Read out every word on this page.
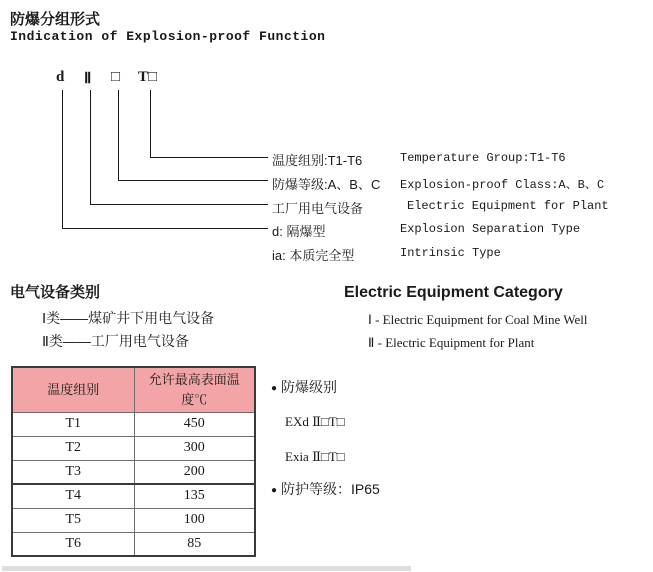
防爆分组形式
Indication of Explosion-proof Function
d Ⅱ □ T□
温度组别:T1-T6	Temperature Group:T1-T6
防爆等级:A、B、C Explosion-proof Class:A、B、C
工厂用电气设备	Electric Equipment for Plant
d: 隔爆型	Explosion Separation Type
ia: 本质完全型	Intrinsic Type
电气设备类别
Ⅰ类——煤矿井下用电气设备
Ⅱ类——工厂用电气设备
Electric Equipment Category
Ⅰ - Electric Equipment for Coal Mine Well
Ⅱ - Electric Equipment for Plant
温度组别	允许最高表面温度℃
T1	450
T2	300
T3	200
T4	135
T5	100
T6	85
● 防爆级别
EXd Ⅱ□T□
Exia Ⅱ□T□
● 防护等级：IP65
